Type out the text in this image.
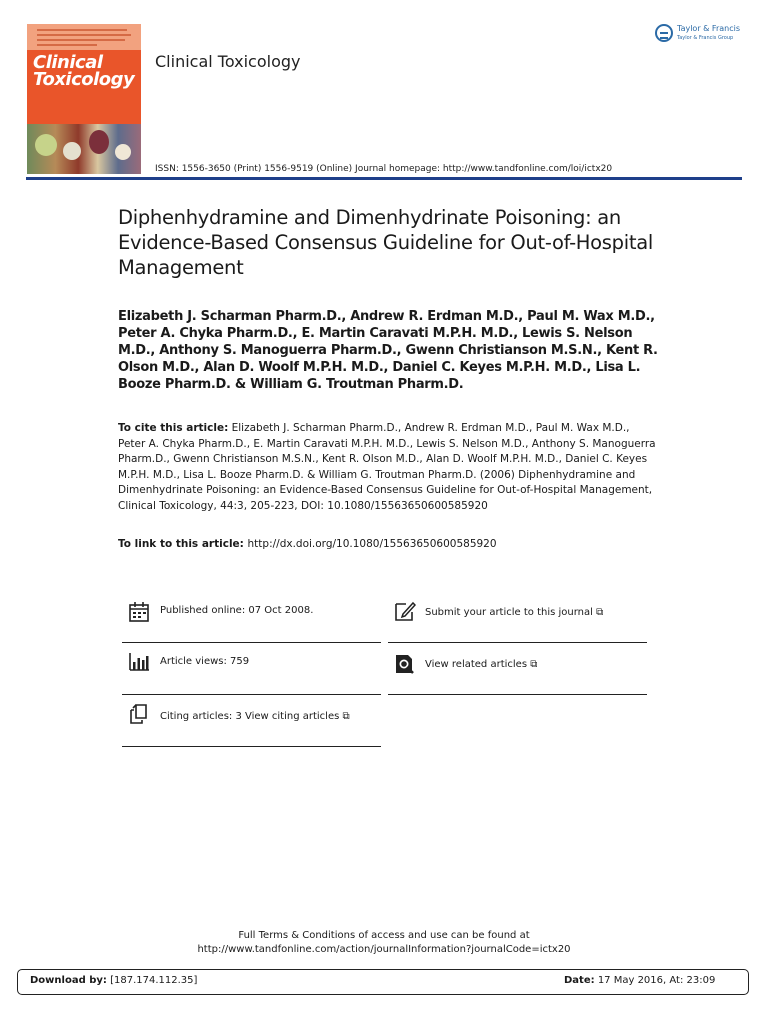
Clinical
Toxicology
Clinical Toxicology
Taylor & Francis
Taylor & Francis Group
ISSN: 1556-3650 (Print) 1556-9519 (Online) Journal homepage: http://www.tandfonline.com/loi/ictx20
Diphenhydramine and Dimenhydrinate Poisoning: an Evidence-Based Consensus Guideline for Out-of-Hospital Management
Elizabeth J. Scharman Pharm.D., Andrew R. Erdman M.D., Paul M. Wax M.D., Peter A. Chyka Pharm.D., E. Martin Caravati M.P.H. M.D., Lewis S. Nelson M.D., Anthony S. Manoguerra Pharm.D., Gwenn Christianson M.S.N., Kent R. Olson M.D., Alan D. Woolf M.P.H. M.D., Daniel C. Keyes M.P.H. M.D., Lisa L. Booze Pharm.D. & William G. Troutman Pharm.D.
To cite this article: Elizabeth J. Scharman Pharm.D., Andrew R. Erdman M.D., Paul M. Wax M.D., Peter A. Chyka Pharm.D., E. Martin Caravati M.P.H. M.D., Lewis S. Nelson M.D., Anthony S. Manoguerra Pharm.D., Gwenn Christianson M.S.N., Kent R. Olson M.D., Alan D. Woolf M.P.H. M.D., Daniel C. Keyes M.P.H. M.D., Lisa L. Booze Pharm.D. & William G. Troutman Pharm.D. (2006) Diphenhydramine and Dimenhydrinate Poisoning: an Evidence-Based Consensus Guideline for Out-of-Hospital Management, Clinical Toxicology, 44:3, 205-223, DOI: 10.1080/15563650600585920
To link to this article: http://dx.doi.org/10.1080/15563650600585920
Published online: 07 Oct 2008.
Article views: 759
Citing articles: 3 View citing articles ⧉
Submit your article to this journal ⧉
View related articles ⧉
Full Terms & Conditions of access and use can be found at
http://www.tandfonline.com/action/journalInformation?journalCode=ictx20
Download by: [187.174.112.35]	Date: 17 May 2016, At: 23:09
